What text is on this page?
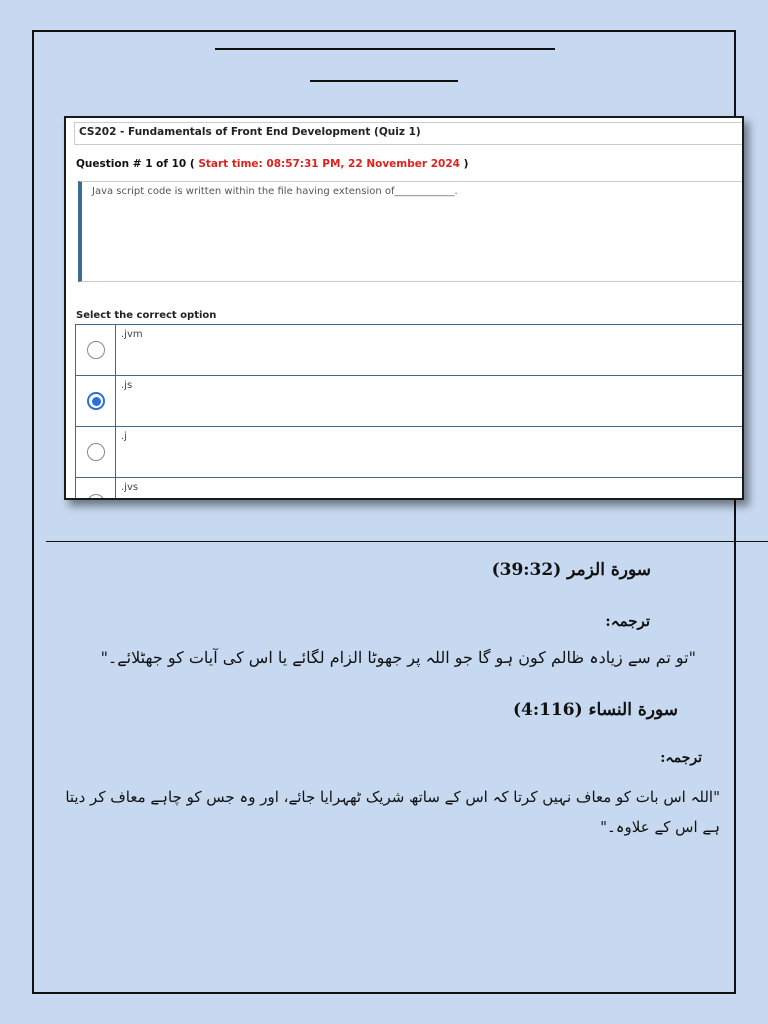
CS202 - Fundamentals of Front End Development (Quiz 1)
Question # 1 of 10 ( Start time: 08:57:31 PM, 22 November 2024 )
Java script code is written within the file having extension of____________.
Select the correct option
.jvm
.js
.j
.jvs
سورة الزمر (39:32)
ترجمہ:
"تو تم سے زیادہ ظالم کون ہو گا جو اللہ پر جھوٹا الزام لگائے یا اس کی آیات کو جھٹلائے۔"
سورة النساء (4:116)
ترجمہ:
"اللہ اس بات کو معاف نہیں کرتا کہ اس کے ساتھ شریک ٹھہرایا جائے، اور وہ جس کو چاہے معاف کر دیتا ہے اس کے علاوہ۔"
